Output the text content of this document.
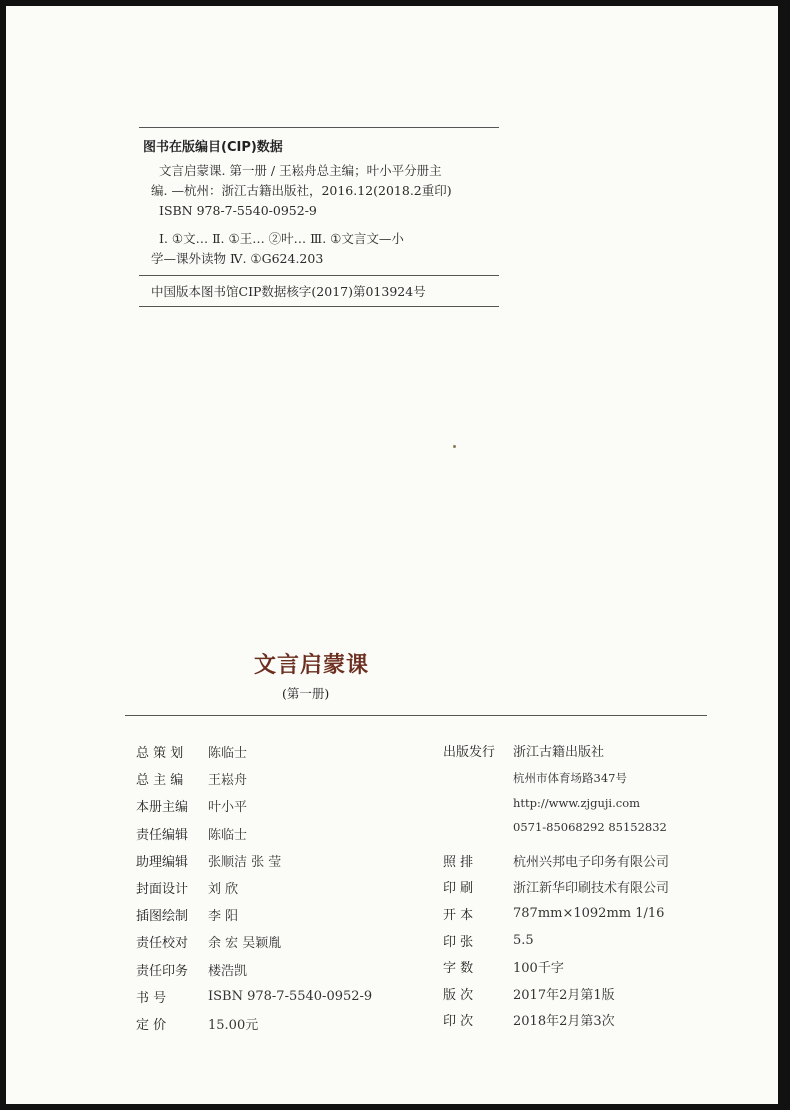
图书在版编目(CIP)数据
文言启蒙课. 第一册 / 王崧舟总主编；叶小平分册主
编. —杭州：浙江古籍出版社，2016.12(2018.2重印)
ISBN 978-7-5540-0952-9
Ⅰ. ①文… Ⅱ. ①王… ②叶… Ⅲ. ①文言文—小
学—课外读物 Ⅳ. ①G624.203
中国版本图书馆CIP数据核字(2017)第013924号
文言启蒙课
(第一册)
总 策 划	陈临士
总 主 编	王崧舟
本册主编	叶小平
责任编辑	陈临士
助理编辑	张顺洁 张 莹
封面设计	刘 欣
插图绘制	李 阳
责任校对	余 宏 吴颖胤
责任印务	楼浩凯
书 号	ISBN 978-7-5540-0952-9
定 价	15.00元
出版发行	浙江古籍出版社
杭州市体育场路347号
http://www.zjguji.com
0571-85068292 85152832
照 排	杭州兴邦电子印务有限公司
印 刷	浙江新华印刷技术有限公司
开 本	787mm×1092mm 1/16
印 张	5.5
字 数	100千字
版 次	2017年2月第1版
印 次	2018年2月第3次
